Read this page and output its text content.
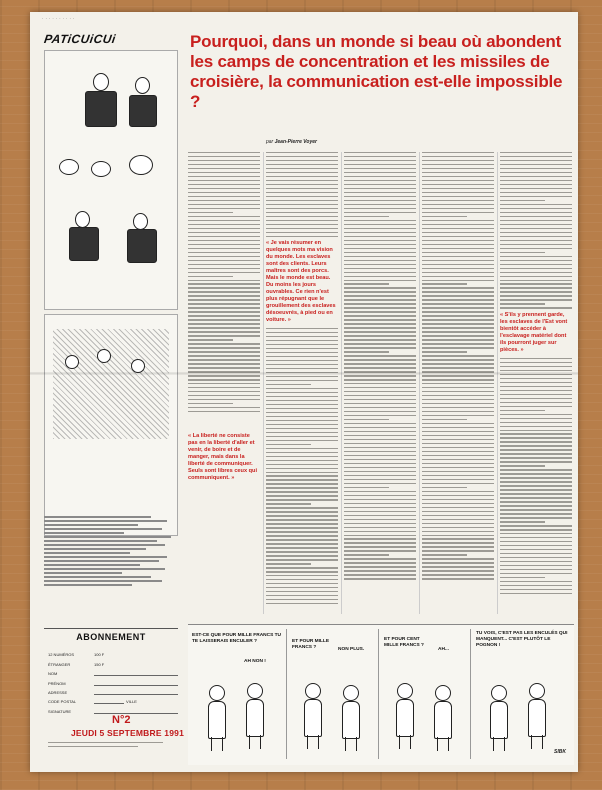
· · · · · · · · · ·
PATiCUiCUi
ABONNEMENT
12 NUMÉROS	100 F
ÉTRANGER	150 F
NOM
PRÉNOM
ADRESSE
CODE POSTAL	VILLE
SIGNATURE
N°2
JEUDI 5 SEPTEMBRE 1991
Pourquoi, dans un monde si beau où abondent les camps de concentration et les missiles de croisière, la communication est-elle impossible ?
par Jean-Pierre Voyer
« Je vais résumer en quelques mots ma vision du monde. Les esclaves sont des clients. Leurs maîtres sont des porcs. Mais le monde est beau. Du moins les jours ouvrables. Ce rien n'est plus répugnant que le grouillement des esclaves désoeuvrés, à pied ou en voiture. »
« S'ils y prennent garde, les esclaves de l'Est vont bientôt accéder à l'esclavage matériel dont ils pourront juger sur pièces. »
« La liberté ne consiste pas en la liberté d'aller et venir, de boire et de manger, mais dans la liberté de communiquer. Seuls sont libres ceux qui communiquent. »
EST-CE QUE POUR MILLE FRANCS TU TE LAISSERAIS ENCULER ?
AH NON !
ET POUR MILLE FRANCS ?	NON PLUS.
ET POUR CENT MILLE FRANCS ?
AH...
TU VOIS, C'EST PAS LES ENCULÉS QUI MANQUENT... C'EST PLUTÔT LE POGNON !
SIBK
